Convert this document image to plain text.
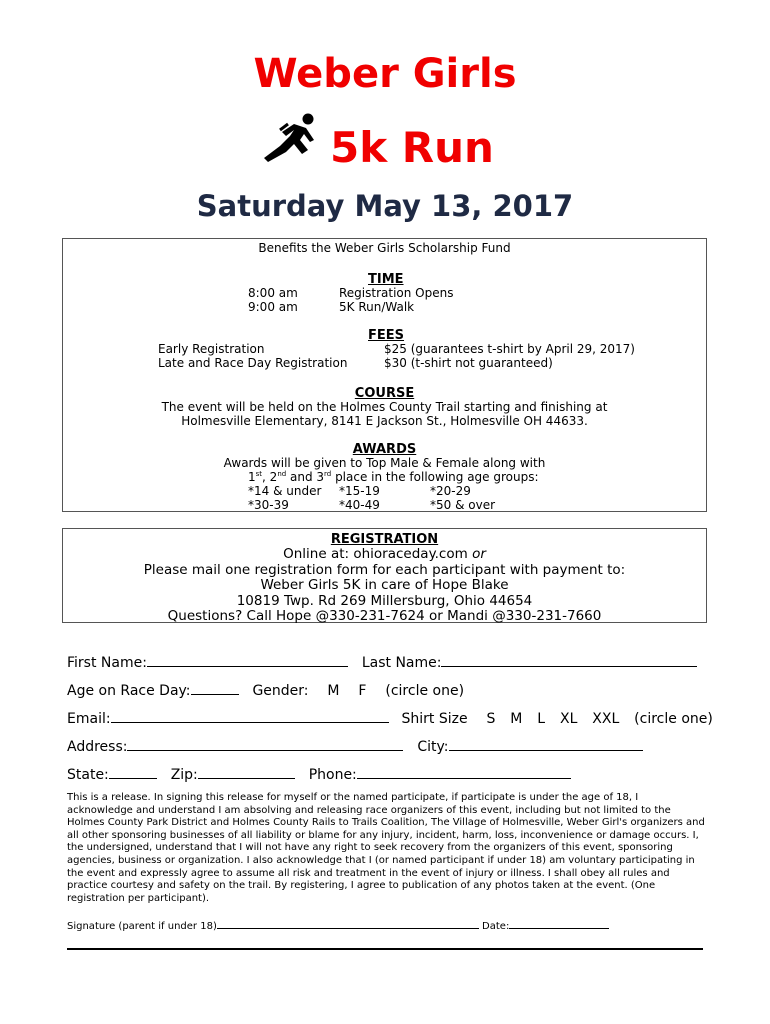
Weber Girls
5k Run
Saturday May 13, 2017
Benefits the Weber Girls Scholarship Fund
TIME
8:00 am	Registration Opens
9:00 am	5K Run/Walk
FEES
Early Registration	$25 (guarantees t-shirt by April 29, 2017)
Late and Race Day Registration	$30 (t-shirt not guaranteed)
COURSE
The event will be held on the Holmes County Trail starting and finishing at
Holmesville Elementary, 8141 E Jackson St., Holmesville OH 44633.
AWARDS
Awards will be given to Top Male & Female along with
1st, 2nd and 3rd place in the following age groups:
*14 & under *15-19	*20-29
*30-39	*40-49	*50 & over
REGISTRATION
Online at: ohioraceday.com or
Please mail one registration form for each participant with payment to:
Weber Girls 5K in care of Hope Blake
10819 Twp. Rd 269 Millersburg, Ohio 44654
Questions? Call Hope @330-231-7624 or Mandi @330-231-7660
First Name:	Last Name:
Age on Race Day:	Gender: M F (circle one)
Email:	Shirt Size S M L XL XXL (circle one)
Address:	City:
State:	Zip:	Phone:
This is a release. In signing this release for myself or the named participate, if participate is under the age of 18, I acknowledge and understand I am absolving and releasing race organizers of this event, including but not limited to the Holmes County Park District and Holmes County Rails to Trails Coalition, The Village of Holmesville, Weber Girl's organizers and all other sponsoring businesses of all liability or blame for any injury, incident, harm, loss, inconvenience or damage occurs. I, the undersigned, understand that I will not have any right to seek recovery from the organizers of this event, sponsoring agencies, business or organization. I also acknowledge that I (or named participant if under 18) am voluntary participating in the event and expressly agree to assume all risk and treatment in the event of injury or illness. I shall obey all rules and practice courtesy and safety on the trail. By registering, I agree to publication of any photos taken at the event. (One registration per participant).
Signature (parent if under 18)	Date:
